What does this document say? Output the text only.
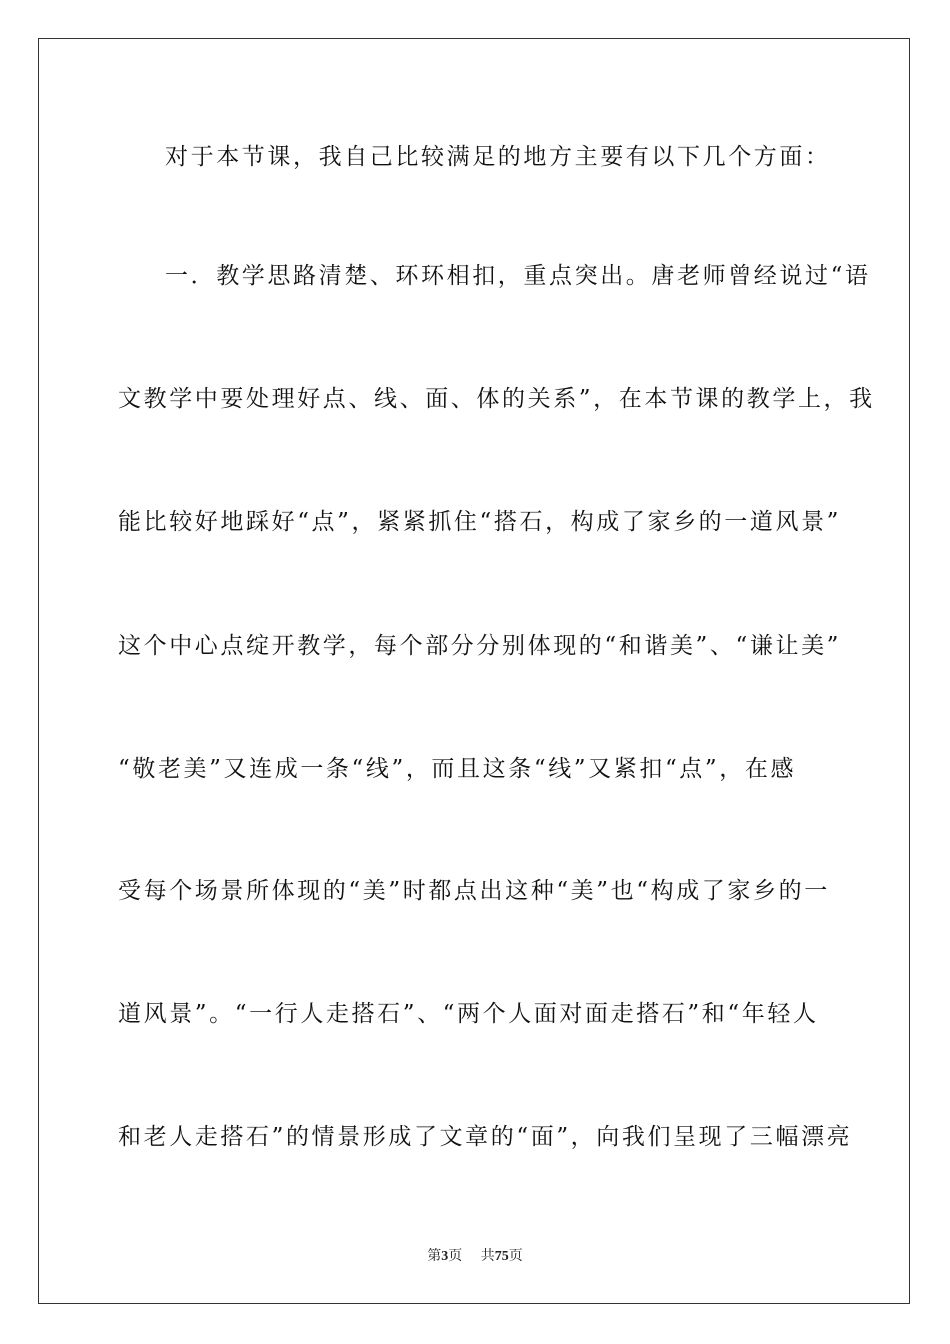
对于本节课，我自己比较满足的地方主要有以下几个方面：
一．教学思路清楚、环环相扣，重点突出。唐老师曾经说过“语
文教学中要处理好点、线、面、体的关系”，在本节课的教学上，我
能比较好地踩好“点”，紧紧抓住“搭石，构成了家乡的一道风景”
这个中心点绽开教学，每个部分分别体现的“和谐美”、“谦让美”
“敬老美”又连成一条“线”，而且这条“线”又紧扣“点”，在感
受每个场景所体现的“美”时都点出这种“美”也“构成了家乡的一
道风景”。“一行人走搭石”、“两个人面对面走搭石”和“年轻人
和老人走搭石”的情景形成了文章的“面”，向我们呈现了三幅漂亮
第3页 共75页
